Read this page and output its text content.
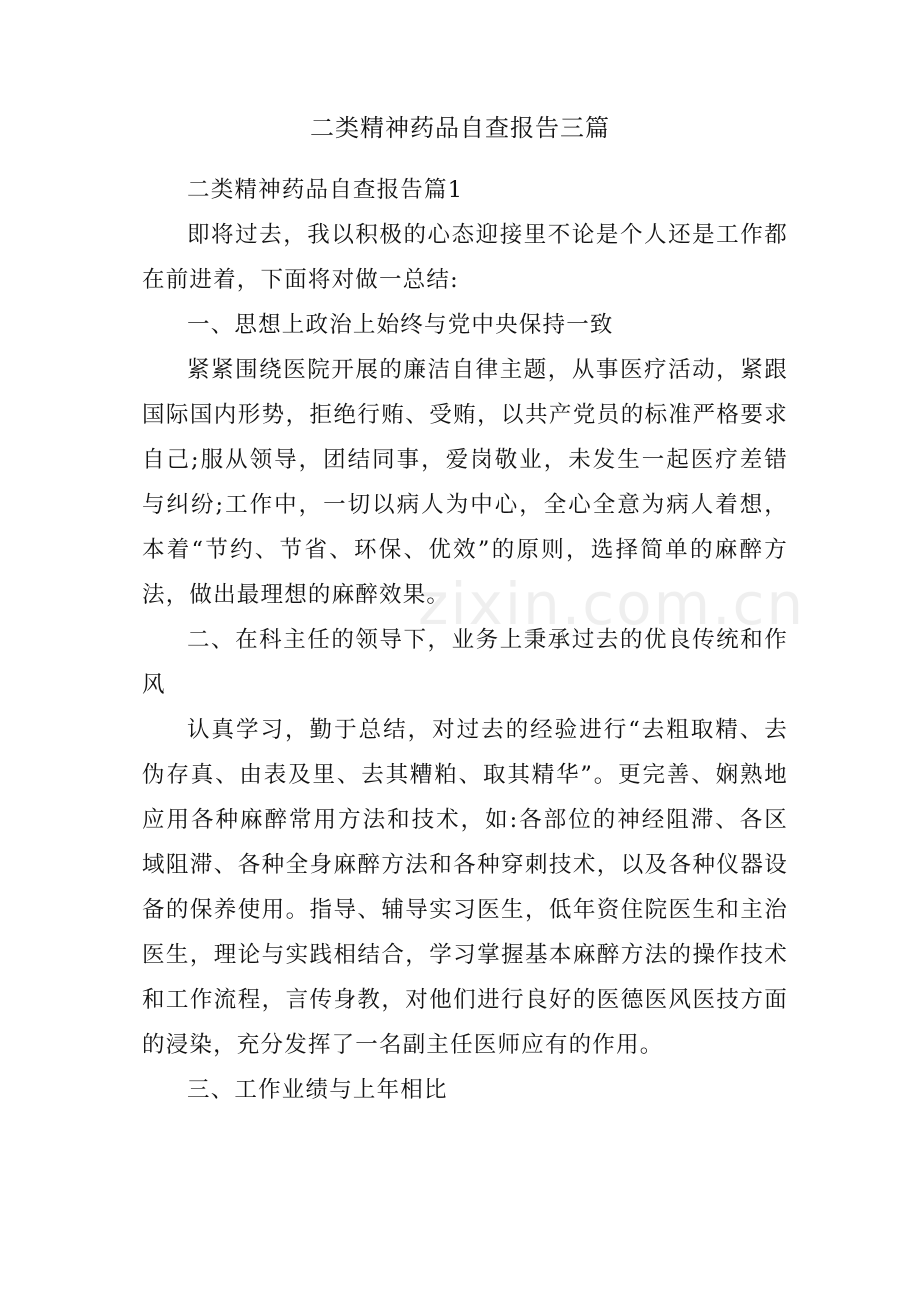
二类精神药品自查报告三篇

二类精神药品自查报告篇1

即将过去，我以积极的心态迎接里不论是个人还是工作都在前进着，下面将对做一总结:

一、思想上政治上始终与党中央保持一致

紧紧围绕医院开展的廉洁自律主题，从事医疗活动，紧跟国际国内形势，拒绝行贿、受贿，以共产党员的标准严格要求自己;服从领导，团结同事，爱岗敬业，未发生一起医疗差错与纠纷;工作中，一切以病人为中心，全心全意为病人着想，本着“节约、节省、环保、优效”的原则，选择简单的麻醉方法，做出最理想的麻醉效果。

二、在科主任的领导下，业务上秉承过去的优良传统和作风

认真学习，勤于总结，对过去的经验进行“去粗取精、去伪存真、由表及里、去其糟粕、取其精华”。更完善、娴熟地应用各种麻醉常用方法和技术，如:各部位的神经阻滞、各区域阻滞、各种全身麻醉方法和各种穿刺技术，以及各种仪器设备的保养使用。指导、辅导实习医生，低年资住院医生和主治医生，理论与实践相结合，学习掌握基本麻醉方法的操作技术和工作流程，言传身教，对他们进行良好的医德医风医技方面的浸染，充分发挥了一名副主任医师应有的作用。

三、工作业绩与上年相比

zixin.com.cn
